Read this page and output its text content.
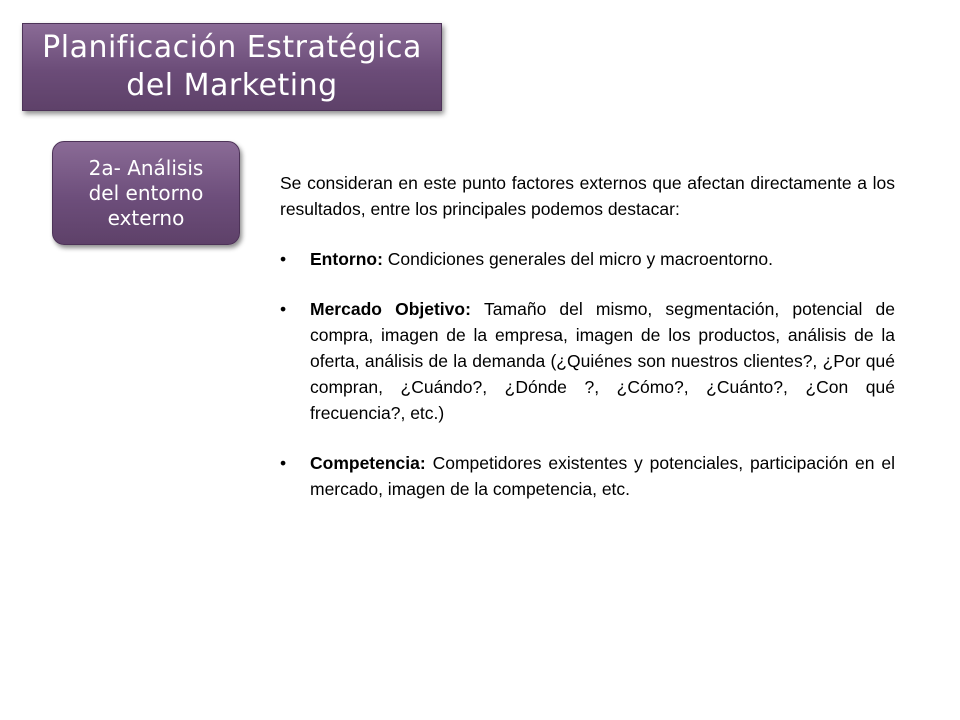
Planificación Estratégica
del Marketing
2a- Análisis
del entorno
externo

Se consideran en este punto factores externos que afectan directamente a los resultados, entre los principales podemos destacar:

• Entorno: Condiciones generales del micro y macroentorno.
• Mercado Objetivo: Tamaño del mismo, segmentación, potencial de compra, imagen de la empresa, imagen de los productos, análisis de la oferta, análisis de la demanda (¿Quiénes son nuestros clientes?, ¿Por qué compran, ¿Cuándo?, ¿Dónde ?, ¿Cómo?, ¿Cuánto?, ¿Con qué frecuencia?, etc.)
• Competencia: Competidores existentes y potenciales, participación en el mercado, imagen de la competencia, etc.
